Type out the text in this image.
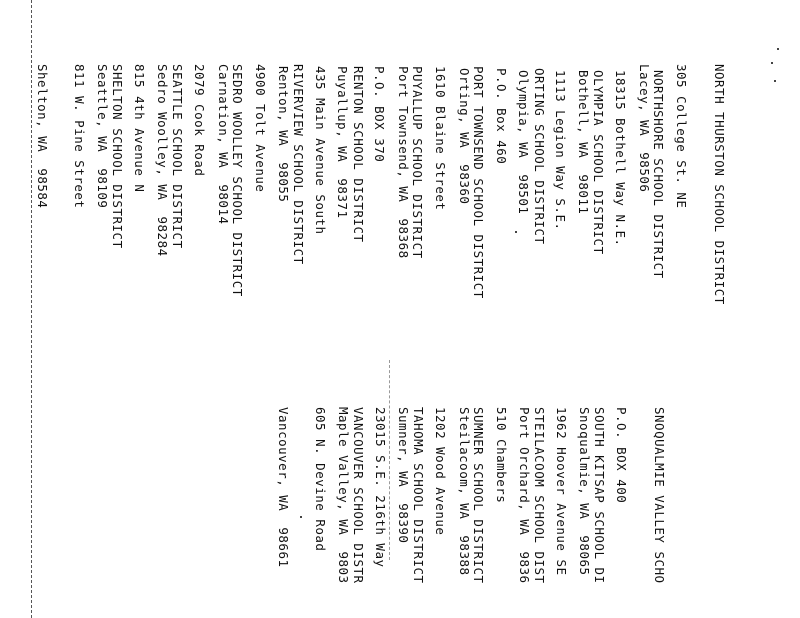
NORTH THURSTON SCHOOL DISTRICT

305 College St. NE

Lacey, WA  98506

NORTHSHORE SCHOOL DISTRICT

18315 Bothell Way N.E.

Bothell, WA  98011

OLYMPIA SCHOOL DISTRICT

1113 Legion Way S.E.

Olympia, WA  98501

ORTING SCHOOL DISTRICT

P.O. Box 460

Orting, WA  98360

PORT TOWNSEND SCHOOL DISTRICT

1610 Blaine Street

Port Townsend, WA  98368

PUYALLUP SCHOOL DISTRICT

P.O. BOX 370

Puyallup, WA  98371

RENTON SCHOOL DISTRICT

435 Main Avenue South

Renton, WA  98055

RIVERVIEW SCHOOL DISTRICT

4900 Tolt Avenue

Carnation, WA  98014

SEDRO WOOLLEY SCHOOL DISTRICT

2079 Cook Road

Sedro Woolley, WA  98284

SEATTLE SCHOOL DISTRICT

815 4th Avenue N

Seattle, WA  98109

SHELTON SCHOOL DISTRICT

811 W. Pine Street

Shelton, WA  98584

SNOQUALMIE VALLEY SCHO

P.O. BOX 400

Snoqualmie, WA  98065

SOUTH KITSAP SCHOOL DI

1962 Hoover Avenue SE

Port Orchard, WA  9836

STEILACOOM SCHOOL DIST

510 Chambers

Steilacoom, WA  98388

SUMNER SCHOOL DISTRICT

1202 Wood Avenue

Sumner, WA  98390

TAHOMA SCHOOL DISTRICT

23015 S.E. 216th Way

Maple Valley, WA  9803

VANCOUVER SCHOOL DISTR

605 N. Devine Road

Vancouver, WA  98661
